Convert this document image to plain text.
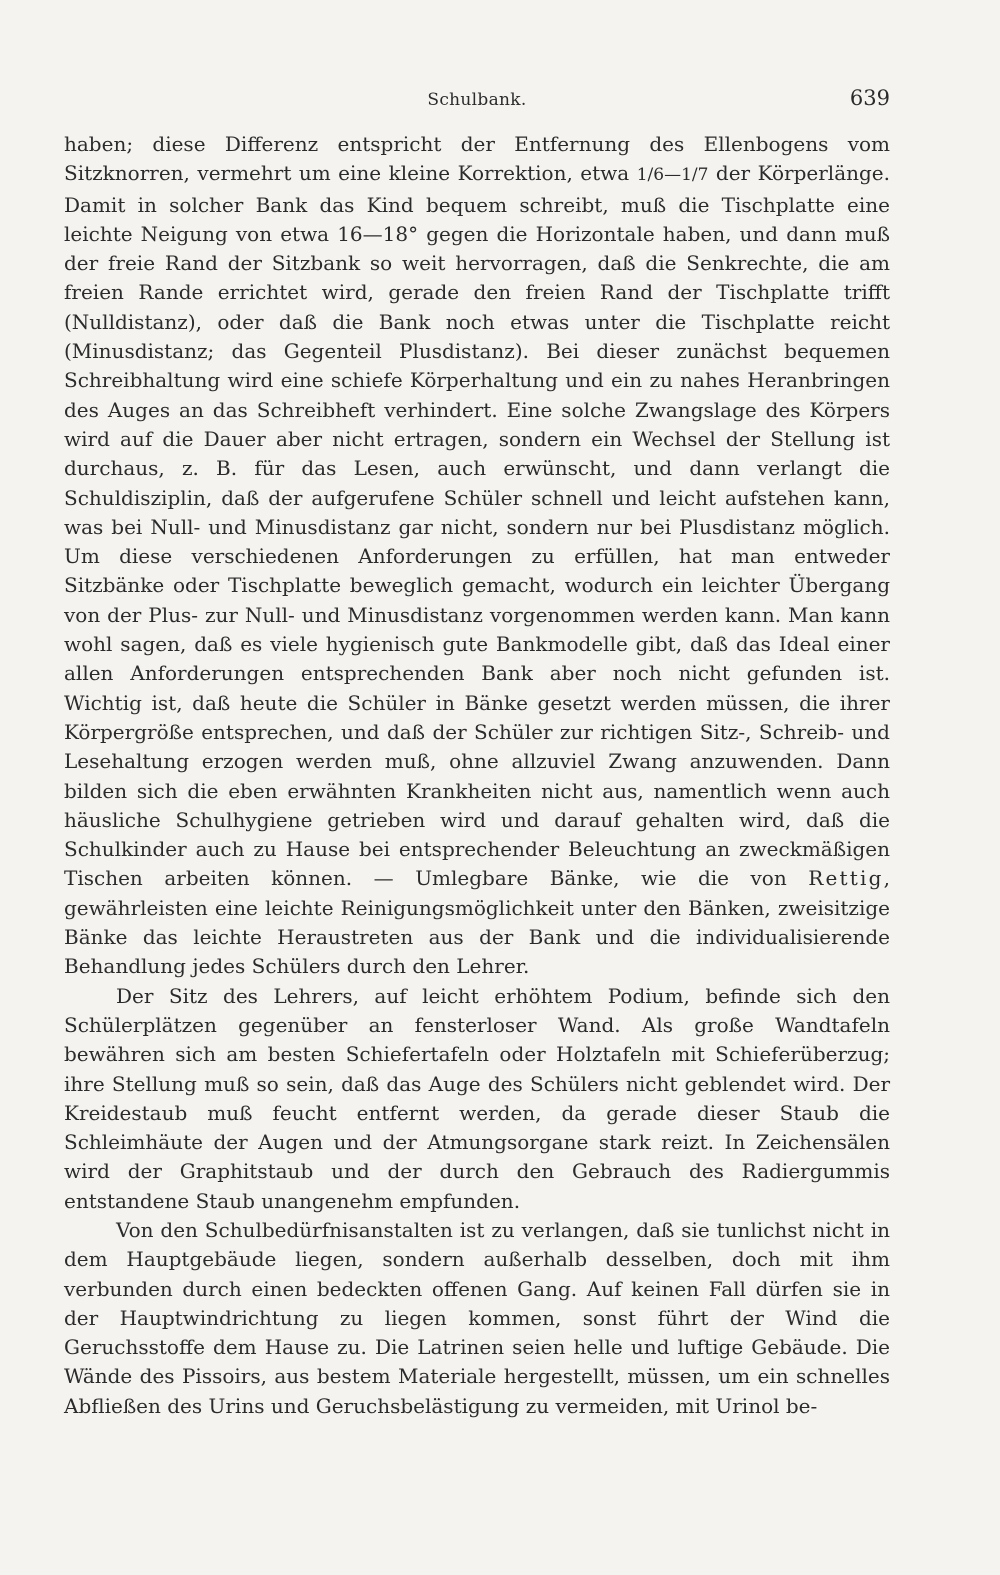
Schulbank.	639

haben; diese Differenz entspricht der Entfernung des Ellenbogens vom Sitzknorren, vermehrt um eine kleine Korrektion, etwa 1/6—1/7 der Körperlänge. Damit in solcher Bank das Kind bequem schreibt, muß die Tischplatte eine leichte Neigung von etwa 16—18° gegen die Horizontale haben, und dann muß der freie Rand der Sitzbank so weit hervorragen, daß die Senkrechte, die am freien Rande errichtet wird, gerade den freien Rand der Tischplatte trifft (Nulldistanz), oder daß die Bank noch etwas unter die Tischplatte reicht (Minusdistanz; das Gegenteil Plusdistanz). Bei dieser zunächst bequemen Schreibhaltung wird eine schiefe Körperhaltung und ein zu nahes Heranbringen des Auges an das Schreibheft verhindert. Eine solche Zwangslage des Körpers wird auf die Dauer aber nicht ertragen, sondern ein Wechsel der Stellung ist durchaus, z. B. für das Lesen, auch erwünscht, und dann verlangt die Schuldisziplin, daß der aufgerufene Schüler schnell und leicht aufstehen kann, was bei Null- und Minusdistanz gar nicht, sondern nur bei Plusdistanz möglich. Um diese verschiedenen Anforderungen zu erfüllen, hat man entweder Sitzbänke oder Tischplatte beweglich gemacht, wodurch ein leichter Übergang von der Plus- zur Null- und Minusdistanz vorgenommen werden kann. Man kann wohl sagen, daß es viele hygienisch gute Bankmodelle gibt, daß das Ideal einer allen Anforderungen entsprechenden Bank aber noch nicht gefunden ist. Wichtig ist, daß heute die Schüler in Bänke gesetzt werden müssen, die ihrer Körpergröße entsprechen, und daß der Schüler zur richtigen Sitz-, Schreib- und Lesehaltung erzogen werden muß, ohne allzuviel Zwang anzuwenden. Dann bilden sich die eben erwähnten Krankheiten nicht aus, namentlich wenn auch häusliche Schulhygiene getrieben wird und darauf gehalten wird, daß die Schulkinder auch zu Hause bei entsprechender Beleuchtung an zweckmäßigen Tischen arbeiten können. — Umlegbare Bänke, wie die von Rettig, gewährleisten eine leichte Reinigungsmöglichkeit unter den Bänken, zweisitzige Bänke das leichte Heraustreten aus der Bank und die individualisierende Behandlung jedes Schülers durch den Lehrer.

Der Sitz des Lehrers, auf leicht erhöhtem Podium, befinde sich den Schülerplätzen gegenüber an fensterloser Wand. Als große Wandtafeln bewähren sich am besten Schiefertafeln oder Holztafeln mit Schieferüberzug; ihre Stellung muß so sein, daß das Auge des Schülers nicht geblendet wird. Der Kreidestaub muß feucht entfernt werden, da gerade dieser Staub die Schleimhäute der Augen und der Atmungsorgane stark reizt. In Zeichensälen wird der Graphitstaub und der durch den Gebrauch des Radiergummis entstandene Staub unangenehm empfunden.

Von den Schulbedürfnisanstalten ist zu verlangen, daß sie tunlichst nicht in dem Hauptgebäude liegen, sondern außerhalb desselben, doch mit ihm verbunden durch einen bedeckten offenen Gang. Auf keinen Fall dürfen sie in der Hauptwindrichtung zu liegen kommen, sonst führt der Wind die Geruchsstoffe dem Hause zu. Die Latrinen seien helle und luftige Gebäude. Die Wände des Pissoirs, aus bestem Materiale hergestellt, müssen, um ein schnelles Abfließen des Urins und Geruchsbelästigung zu vermeiden, mit Urinol be-
